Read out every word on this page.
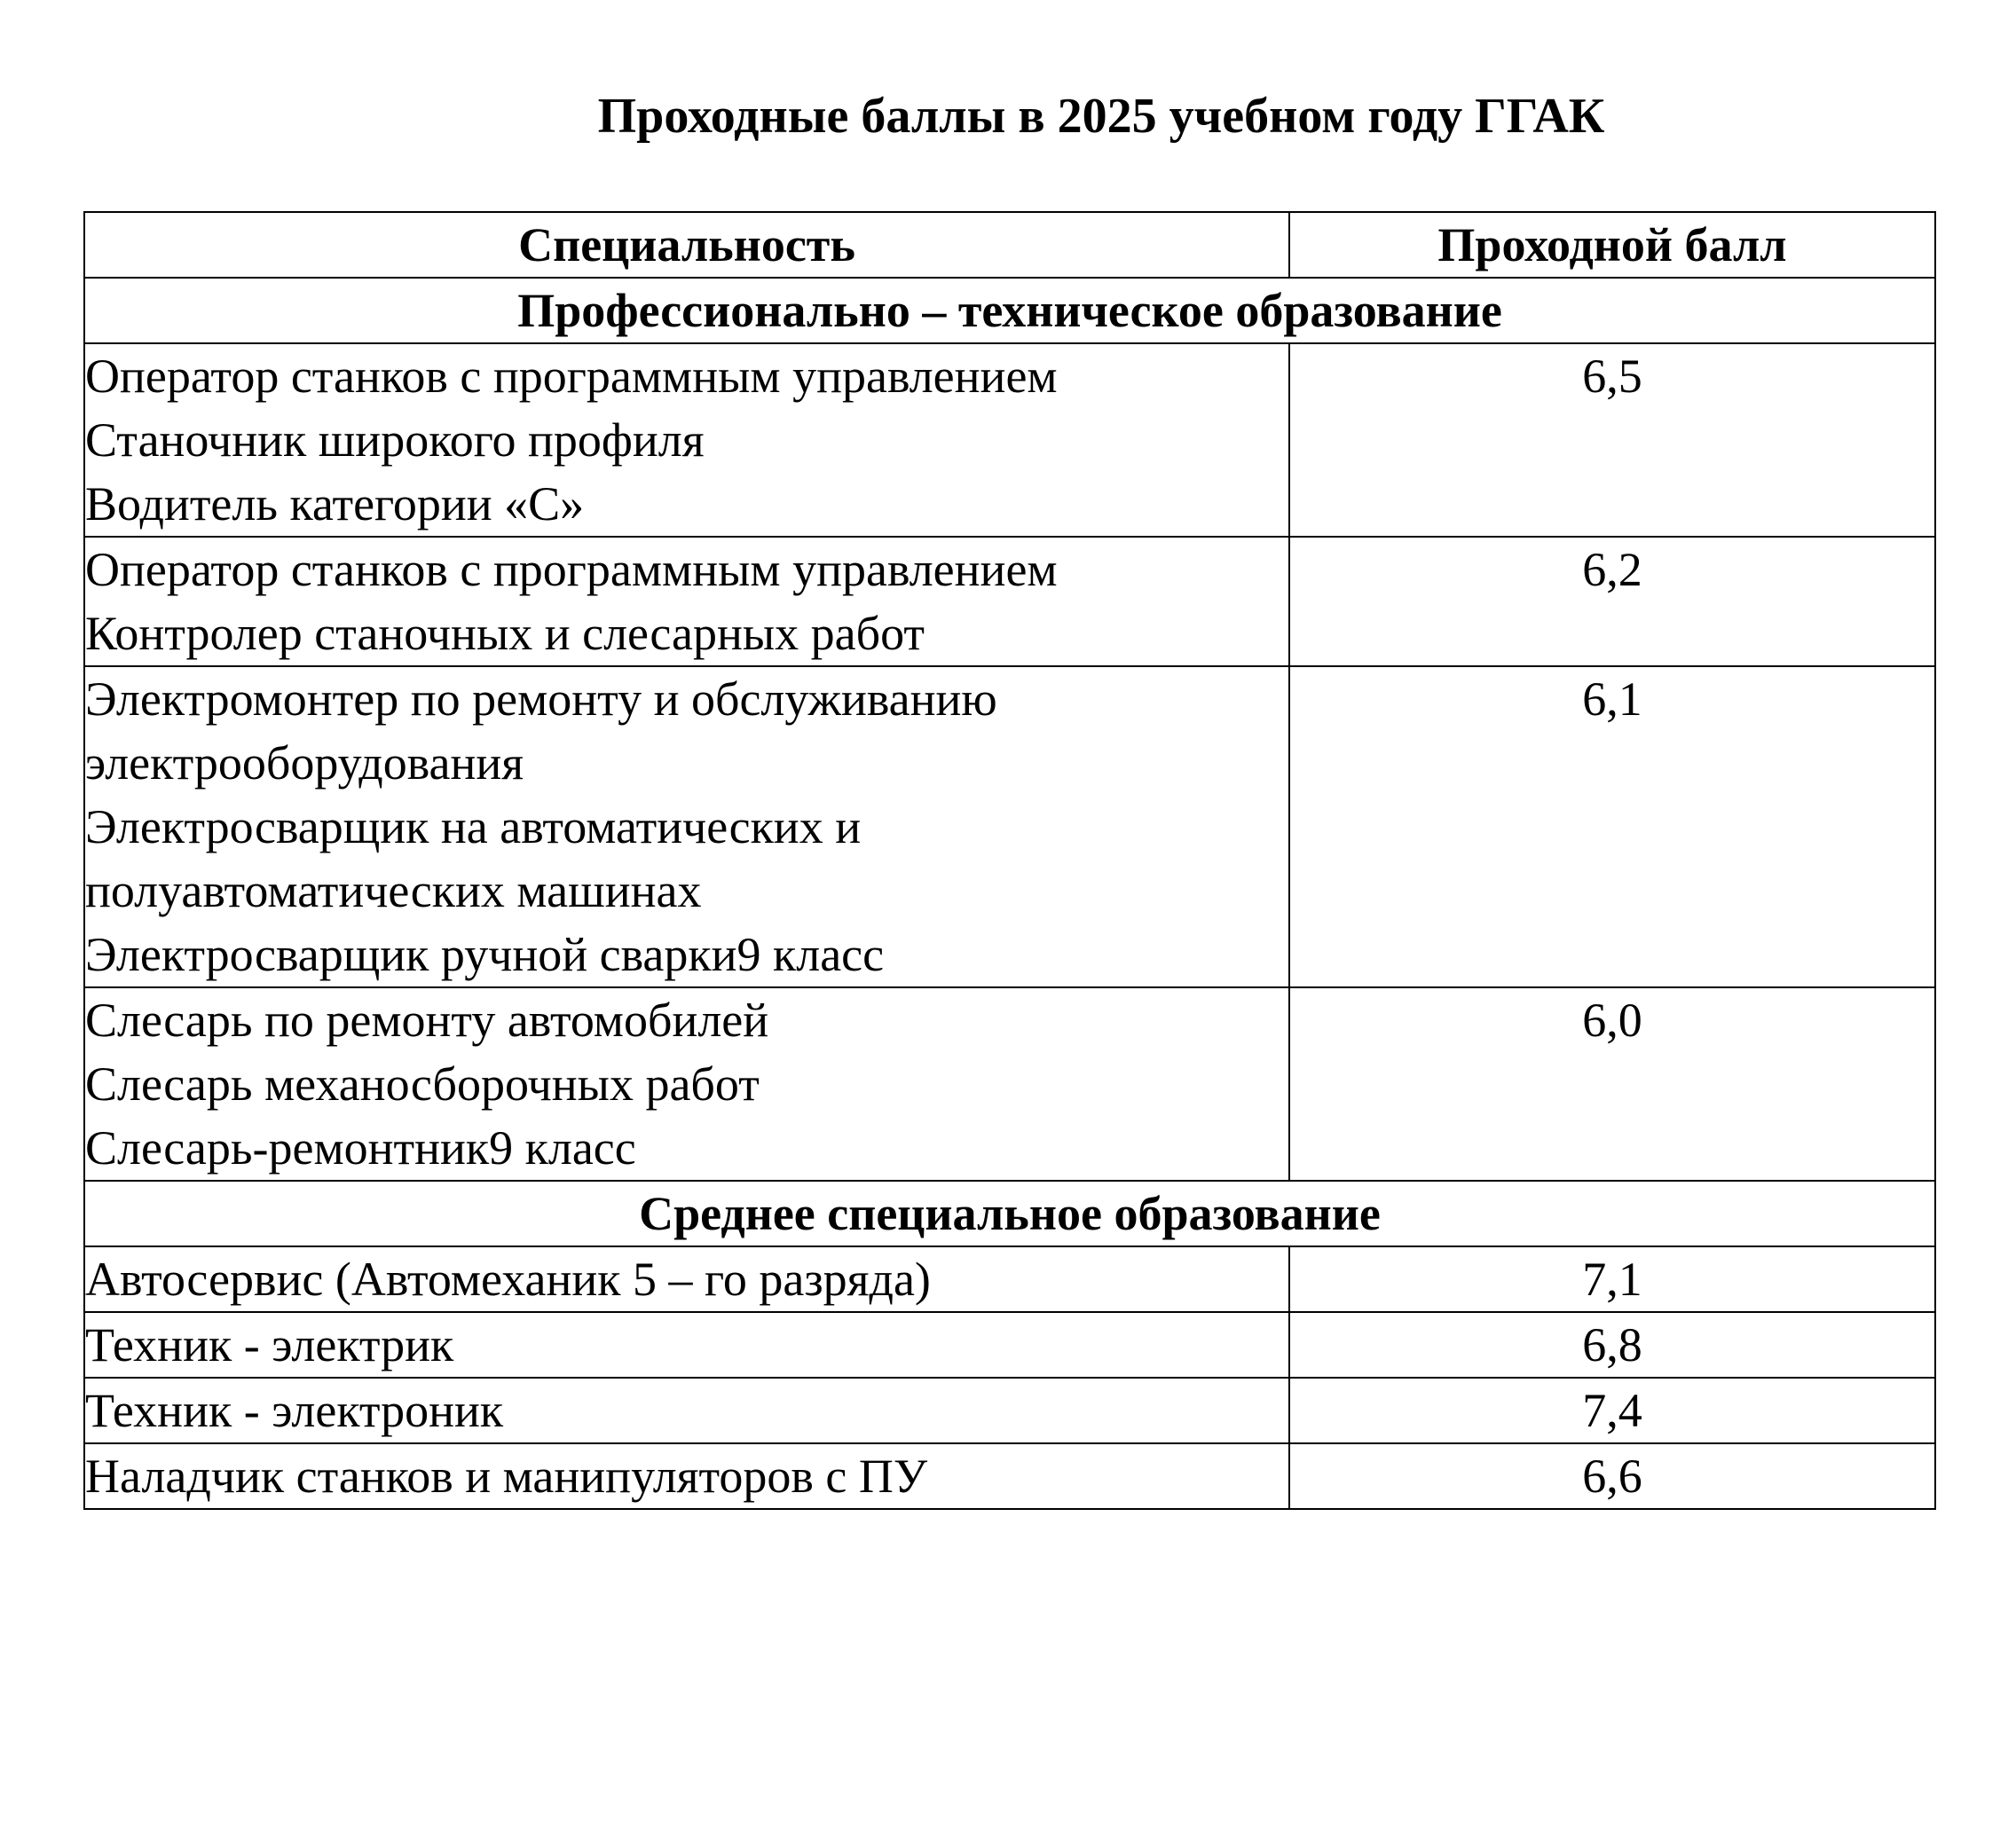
Проходные баллы в 2025 учебном году ГГАК
Специальность	Проходной балл
Профессионально – техническое образование	

Оператор станков с программным управлением
Станочник широкого профиля
Водитель категории «С»	6,5

Оператор станков с программным управлением
Контролер станочных и слесарных работ	6,2

Электромонтер по ремонту и обслуживанию
электрооборудования
Электросварщик на автоматических и
полуавтоматических машинах
Электросварщик ручной сварки9 класс	6,1

Слесарь по ремонту автомобилей
Слесарь механосборочных работ
Слесарь-ремонтник9 класс	6,0
Среднее специальное образование	

Автосервис (Автомеханик 5 – го разряда)	7,1

Техник - электрик	6,8

Техник - электроник	7,4

Наладчик станков и манипуляторов с ПУ	6,6
